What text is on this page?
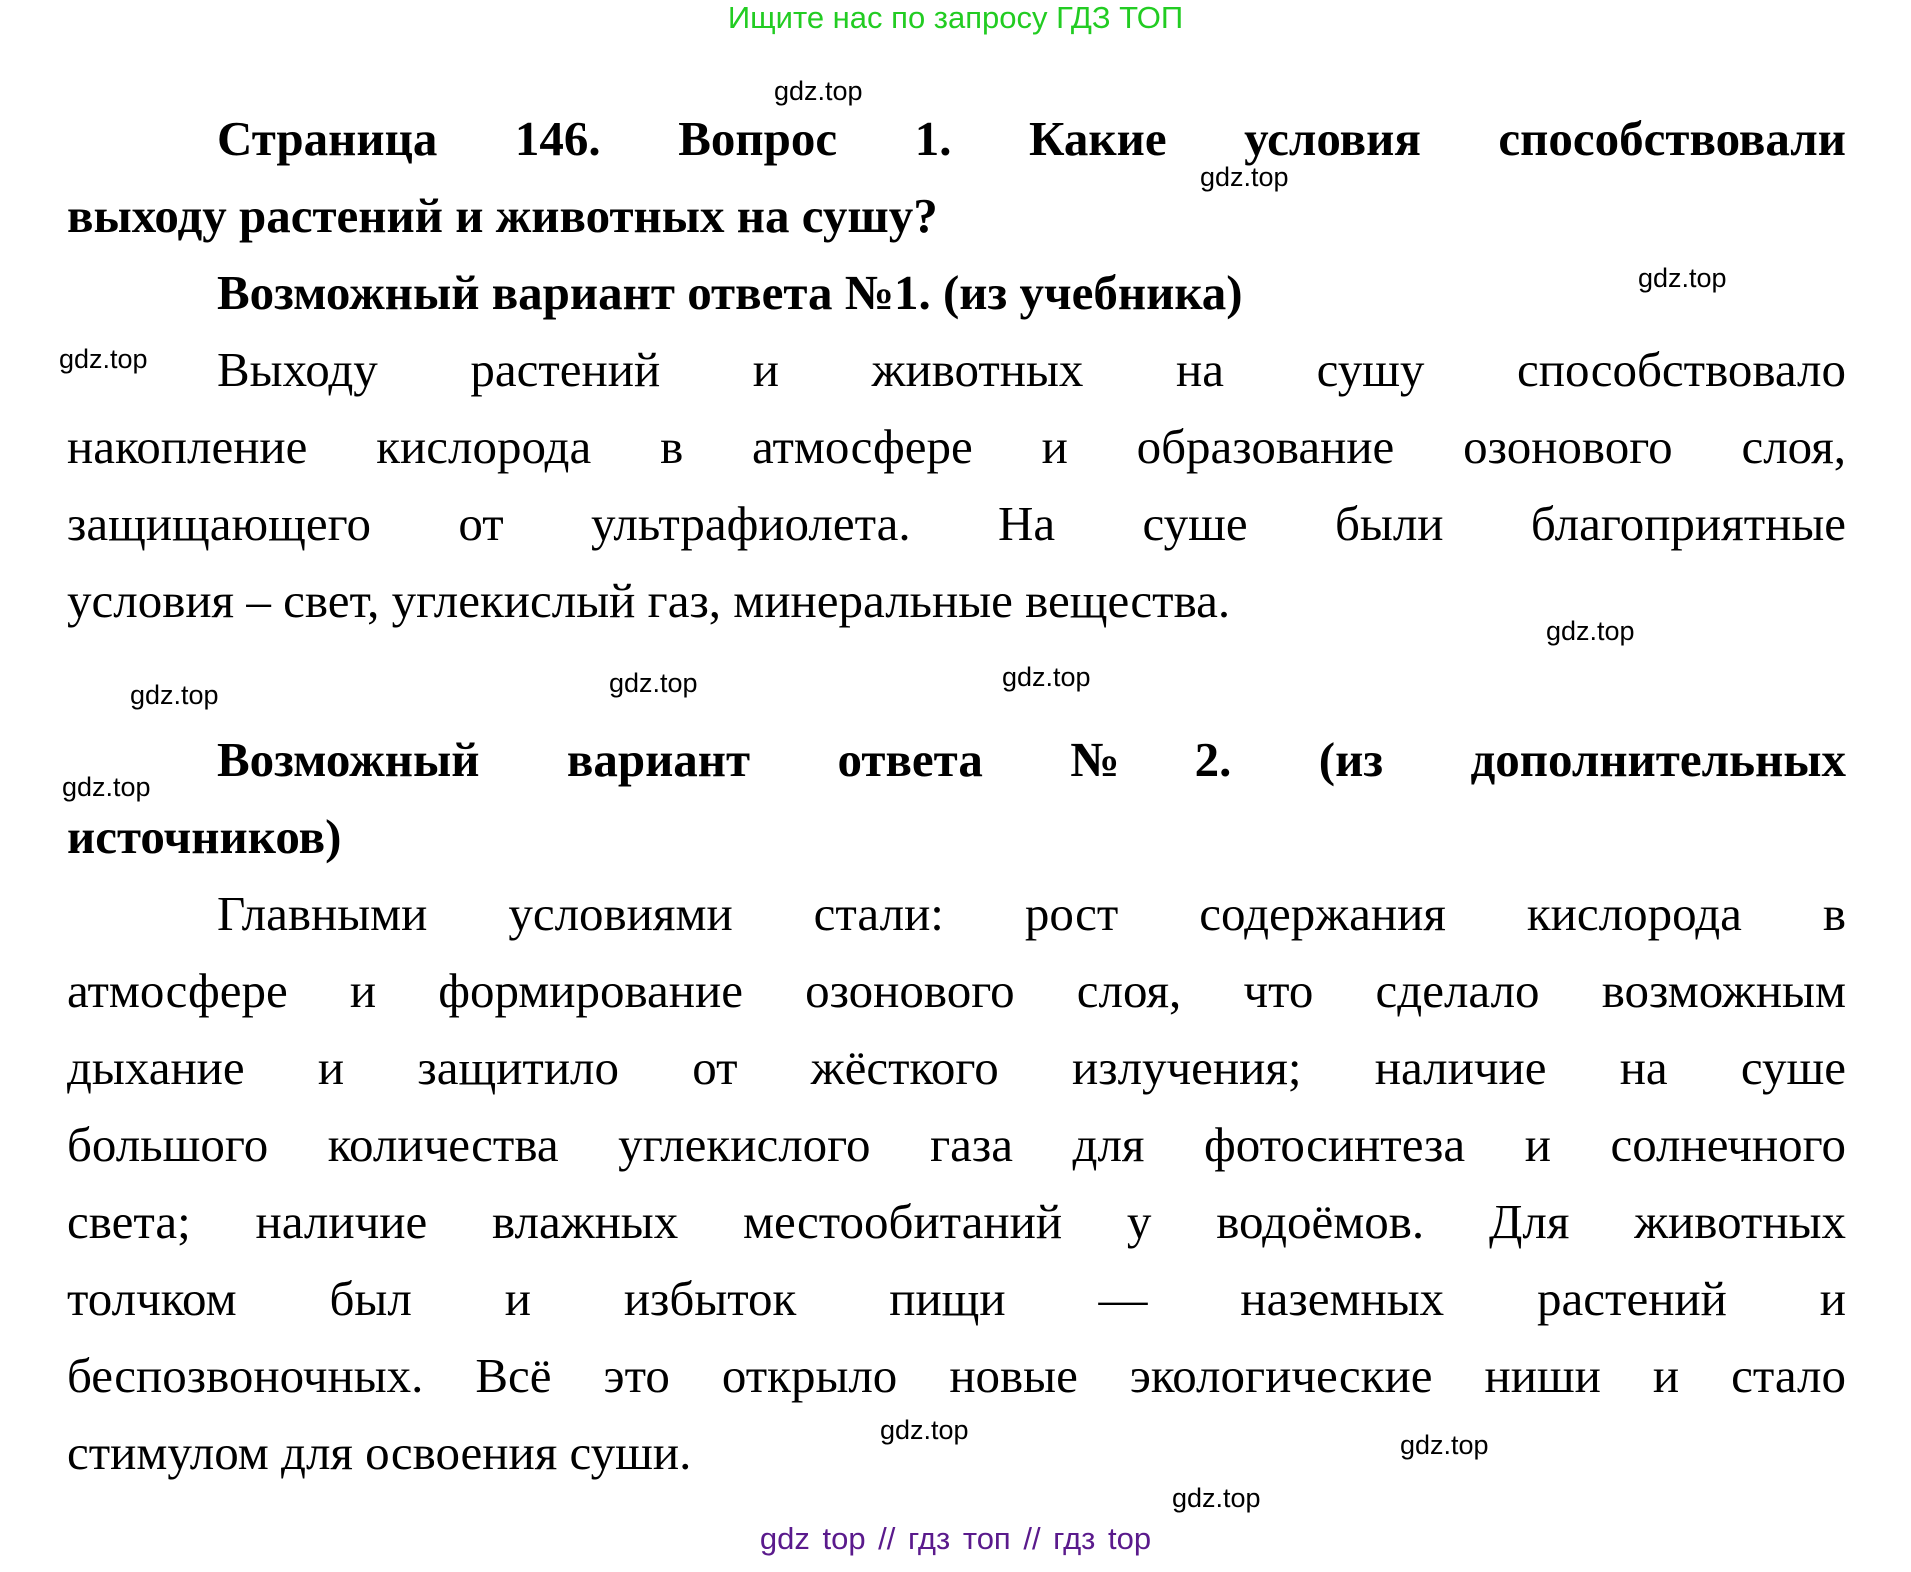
Ищите нас по запросу ГДЗ ТОП
Страница 146. Вопрос 1. Какие условия способствовали
выходу растений и животных на сушу?
Возможный вариант ответа №1. (из учебника)
Выходу растений и животных на сушу способствовало
накопление кислорода в атмосфере и образование озонового слоя,
защищающего от ультрафиолета. На суше были благоприятные
условия – свет, углекислый газ, минеральные вещества.
Возможный вариант ответа №2. (из дополнительных
источников)
Главными условиями стали: рост содержания кислорода в
атмосфере и формирование озонового слоя, что сделало возможным
дыхание и защитило от жёсткого излучения; наличие на суше
большого количества углекислого газа для фотосинтеза и солнечного
света; наличие влажных местообитаний у водоёмов. Для животных
толчком был и избыток пищи — наземных растений и
беспозвоночных. Всё это открыло новые экологические ниши и стало
стимулом для освоения суши.
gdz.top
gdz.top
gdz.top
gdz.top
gdz.top
gdz.top
gdz.top
gdz.top
gdz.top
gdz.top
gdz.top
gdz.top
gdz top // гдз топ // гдз top
